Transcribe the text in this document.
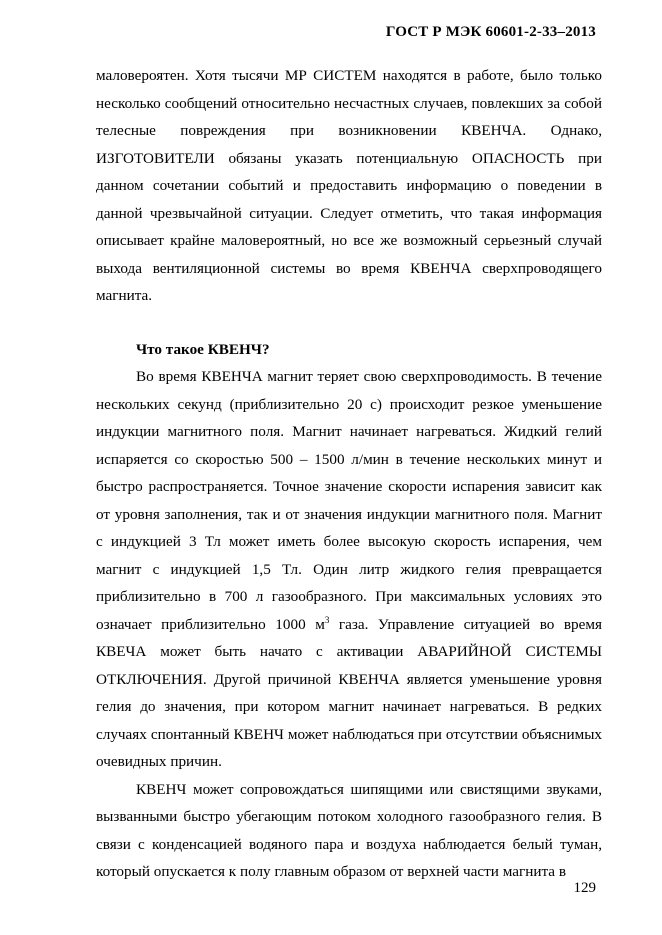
ГОСТ Р МЭК 60601-2-33–2013

маловероятен. Хотя тысячи МР СИСТЕМ находятся в работе, было только несколько сообщений относительно несчастных случаев, повлекших за собой телесные повреждения при возникновении КВЕНЧА. Однако, ИЗГОТОВИТЕЛИ обязаны указать потенциальную ОПАСНОСТЬ при данном сочетании событий и предоставить информацию о поведении в данной чрезвычайной ситуации. Следует отметить, что такая информация описывает крайне маловероятный, но все же возможный серьезный случай выхода вентиляционной системы во время КВЕНЧА сверхпроводящего магнита.

Что такое КВЕНЧ?

Во время КВЕНЧА магнит теряет свою сверхпроводимость. В течение нескольких секунд (приблизительно 20 с) происходит резкое уменьшение индукции магнитного поля. Магнит начинает нагреваться. Жидкий гелий испаряется со скоростью 500 – 1500 л/мин в течение нескольких минут и быстро распространяется. Точное значение скорости испарения зависит как от уровня заполнения, так и от значения индукции магнитного поля. Магнит с индукцией 3 Тл может иметь более высокую скорость испарения, чем магнит с индукцией 1,5 Тл. Один литр жидкого гелия превращается приблизительно в 700 л газообразного. При максимальных условиях это означает приблизительно 1000 $м^3$ газа. Управление ситуацией во время КВЕЧА может быть начато с активации АВАРИЙНОЙ СИСТЕМЫ ОТКЛЮЧЕНИЯ. Другой причиной КВЕНЧА является уменьшение уровня гелия до значения, при котором магнит начинает нагреваться. В редких случаях спонтанный КВЕНЧ может наблюдаться при отсутствии объяснимых очевидных причин.

КВЕНЧ может сопровождаться шипящими или свистящими звуками, вызванными быстро убегающим потоком холодного газообразного гелия. В связи с конденсацией водяного пара и воздуха наблюдается белый туман, который опускается к полу главным образом от верхней части магнита в

129
